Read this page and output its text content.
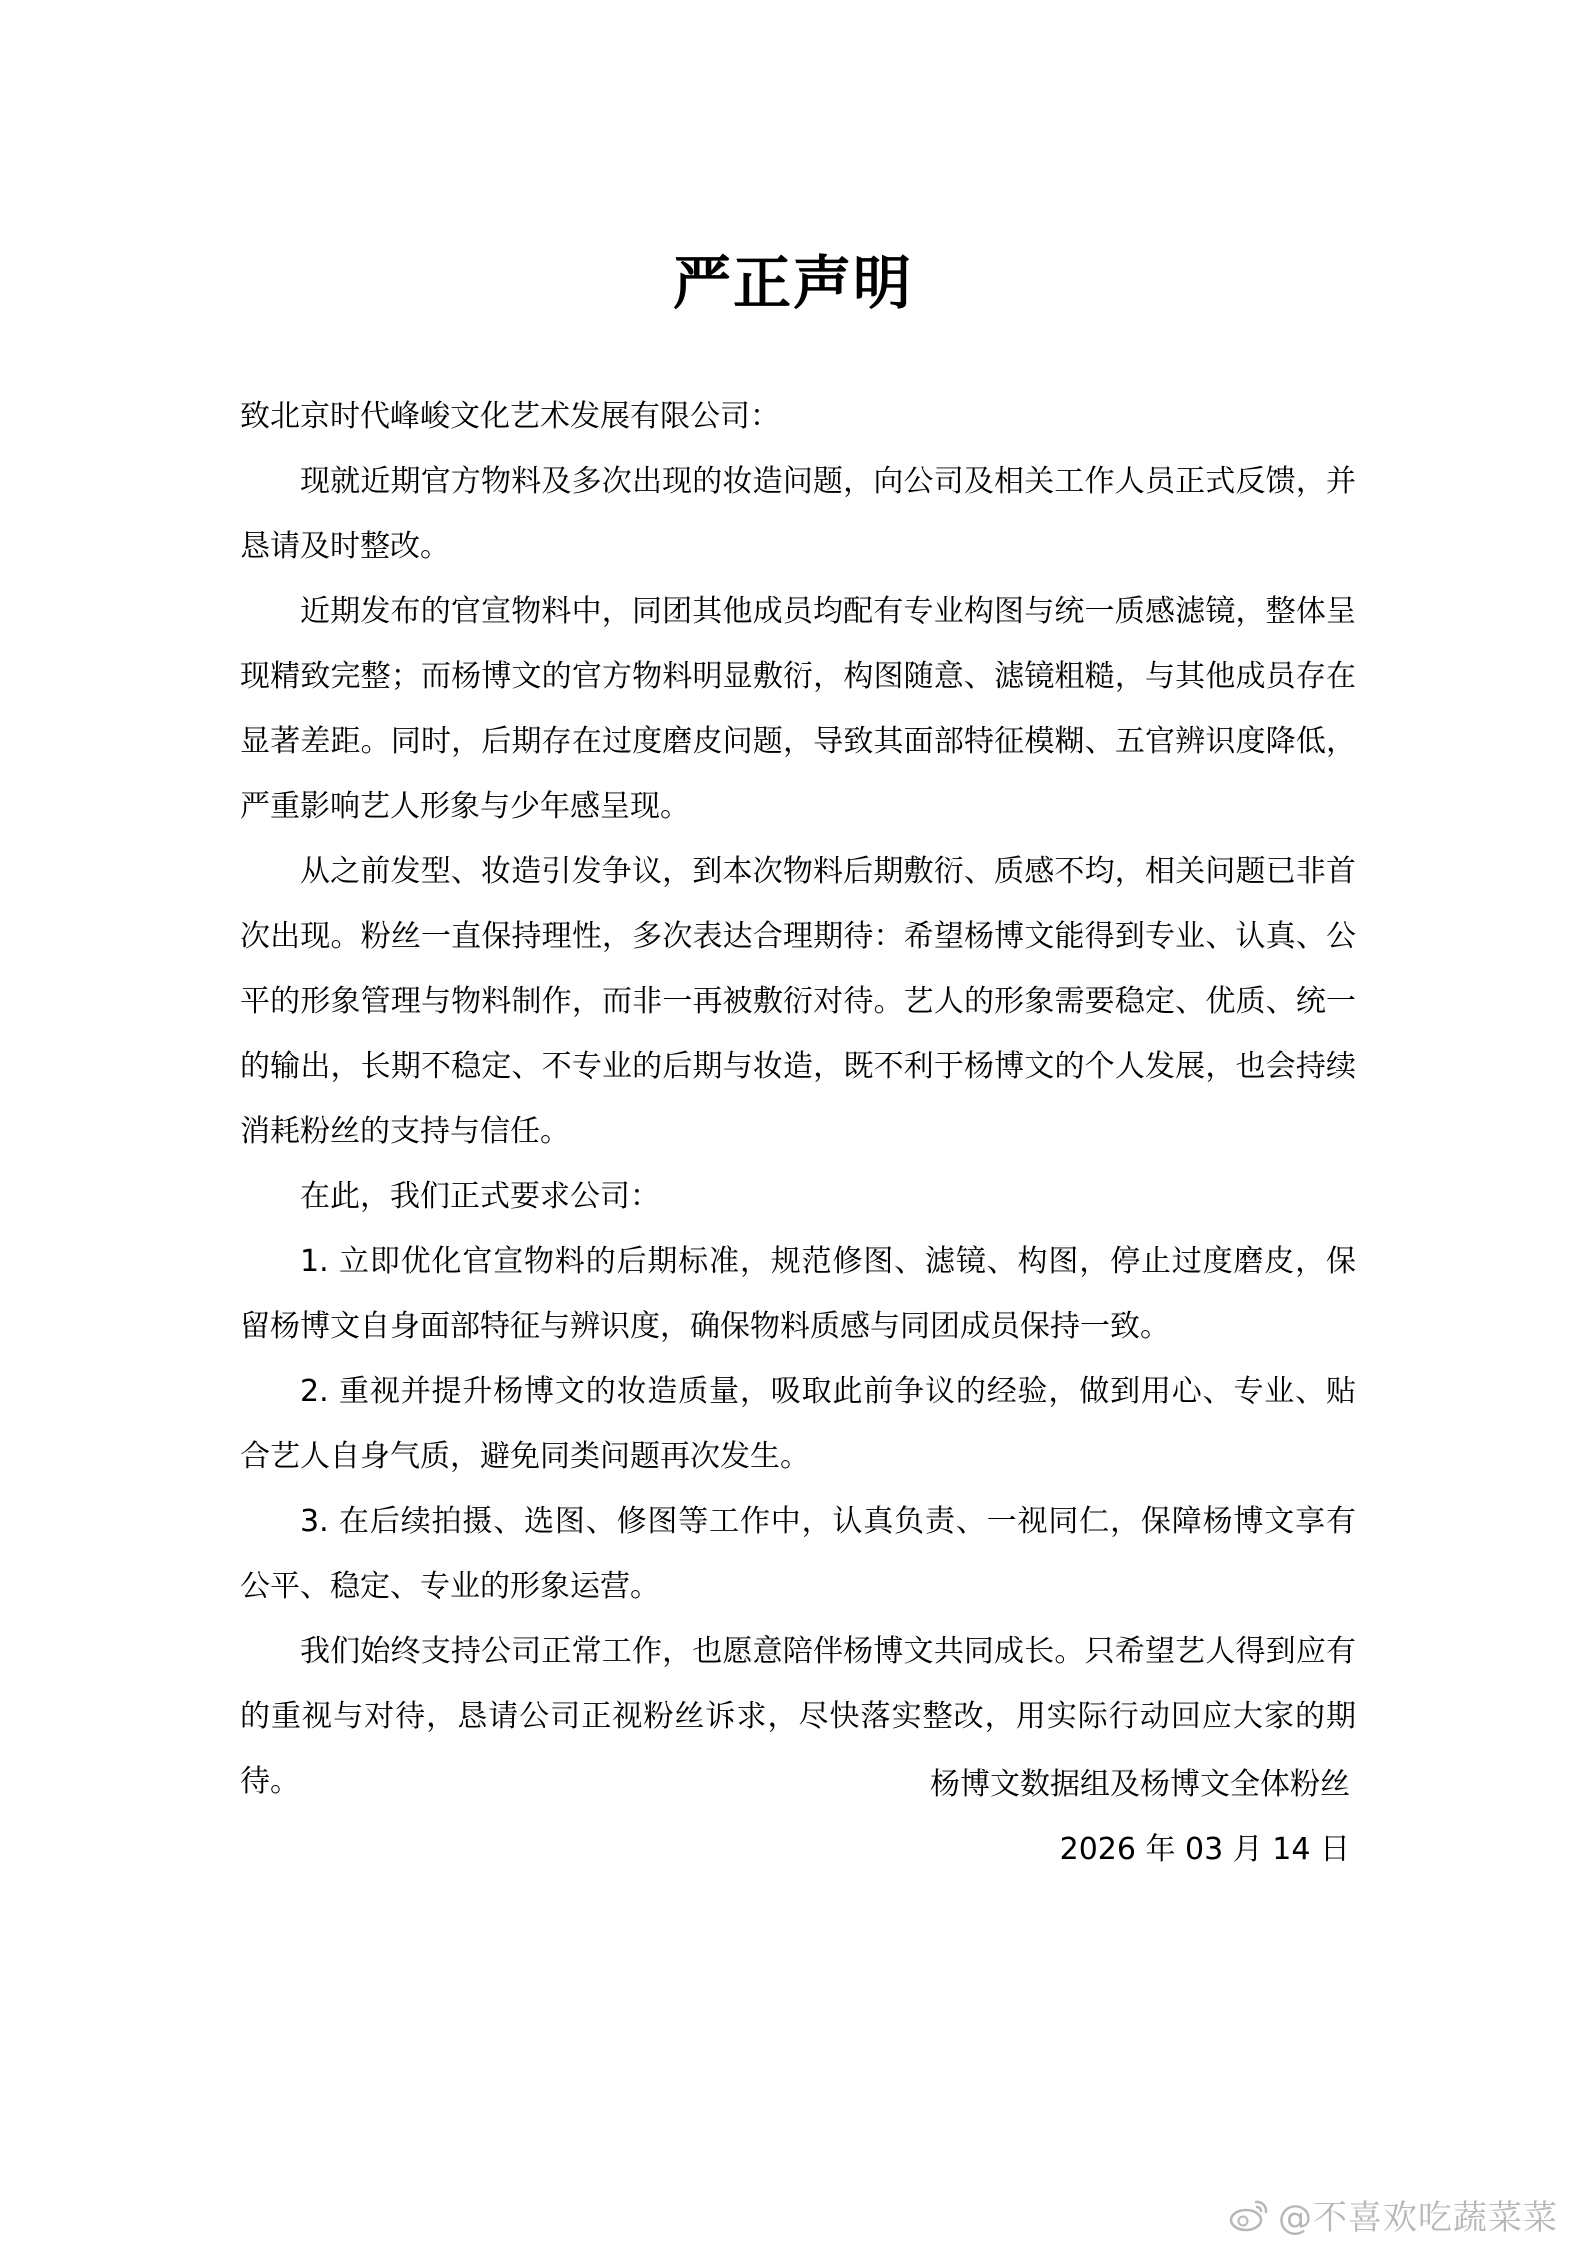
严正声明

致北京时代峰峻文化艺术发展有限公司：

现就近期官方物料及多次出现的妆造问题，向公司及相关工作人员正式反馈，并恳请及时整改。

近期发布的官宣物料中，同团其他成员均配有专业构图与统一质感滤镜，整体呈现精致完整；而杨博文的官方物料明显敷衍，构图随意、滤镜粗糙，与其他成员存在显著差距。同时，后期存在过度磨皮问题，导致其面部特征模糊、五官辨识度降低，严重影响艺人形象与少年感呈现。

从之前发型、妆造引发争议，到本次物料后期敷衍、质感不均，相关问题已非首次出现。粉丝一直保持理性，多次表达合理期待：希望杨博文能得到专业、认真、公平的形象管理与物料制作，而非一再被敷衍对待。艺人的形象需要稳定、优质、统一的输出，长期不稳定、不专业的后期与妆造，既不利于杨博文的个人发展，也会持续消耗粉丝的支持与信任。

在此，我们正式要求公司：

1. 立即优化官宣物料的后期标准，规范修图、滤镜、构图，停止过度磨皮，保留杨博文自身面部特征与辨识度，确保物料质感与同团成员保持一致。

2. 重视并提升杨博文的妆造质量，吸取此前争议的经验，做到用心、专业、贴合艺人自身气质，避免同类问题再次发生。

3. 在后续拍摄、选图、修图等工作中，认真负责、一视同仁，保障杨博文享有公平、稳定、专业的形象运营。

我们始终支持公司正常工作，也愿意陪伴杨博文共同成长。只希望艺人得到应有的重视与对待，恳请公司正视粉丝诉求，尽快落实整改，用实际行动回应大家的期待。	杨博文数据组及杨博文全体粉丝
2026 年 03 月 14 日
@不喜欢吃蔬菜菜
